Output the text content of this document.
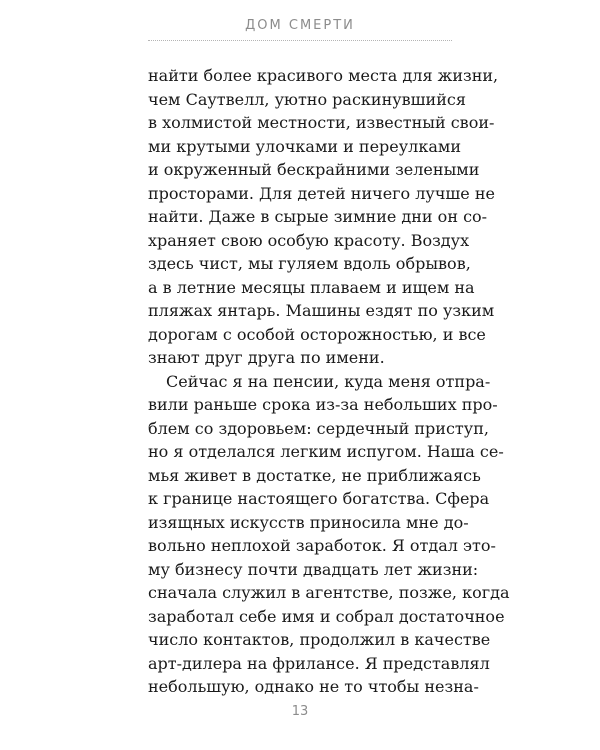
ДОМ СМЕРТИ
найти более красивого места для жизни,
чем Саутвелл, уютно раскинувшийся
в холмистой местности, известный свои-
ми крутыми улочками и переулками
и окруженный бескрайними зелеными
просторами. Для детей ничего лучше не
найти. Даже в сырые зимние дни он со-
храняет свою особую красоту. Воздух
здесь чист, мы гуляем вдоль обрывов,
а в летние месяцы плаваем и ищем на
пляжах янтарь. Машины ездят по узким
дорогам с особой осторожностью, и все
знают друг друга по имени.
Сейчас я на пенсии, куда меня отпра-
вили раньше срока из-за небольших про-
блем со здоровьем: сердечный приступ,
но я отделался легким испугом. Наша се-
мья живет в достатке, не приближаясь
к границе настоящего богатства. Сфера
изящных искусств приносила мне до-
вольно неплохой заработок. Я отдал это-
му бизнесу почти двадцать лет жизни:
сначала служил в агентстве, позже, когда
заработал себе имя и собрал достаточное
число контактов, продолжил в качестве
арт-дилера на фрилансе. Я представлял
небольшую, однако не то чтобы незна-
13
